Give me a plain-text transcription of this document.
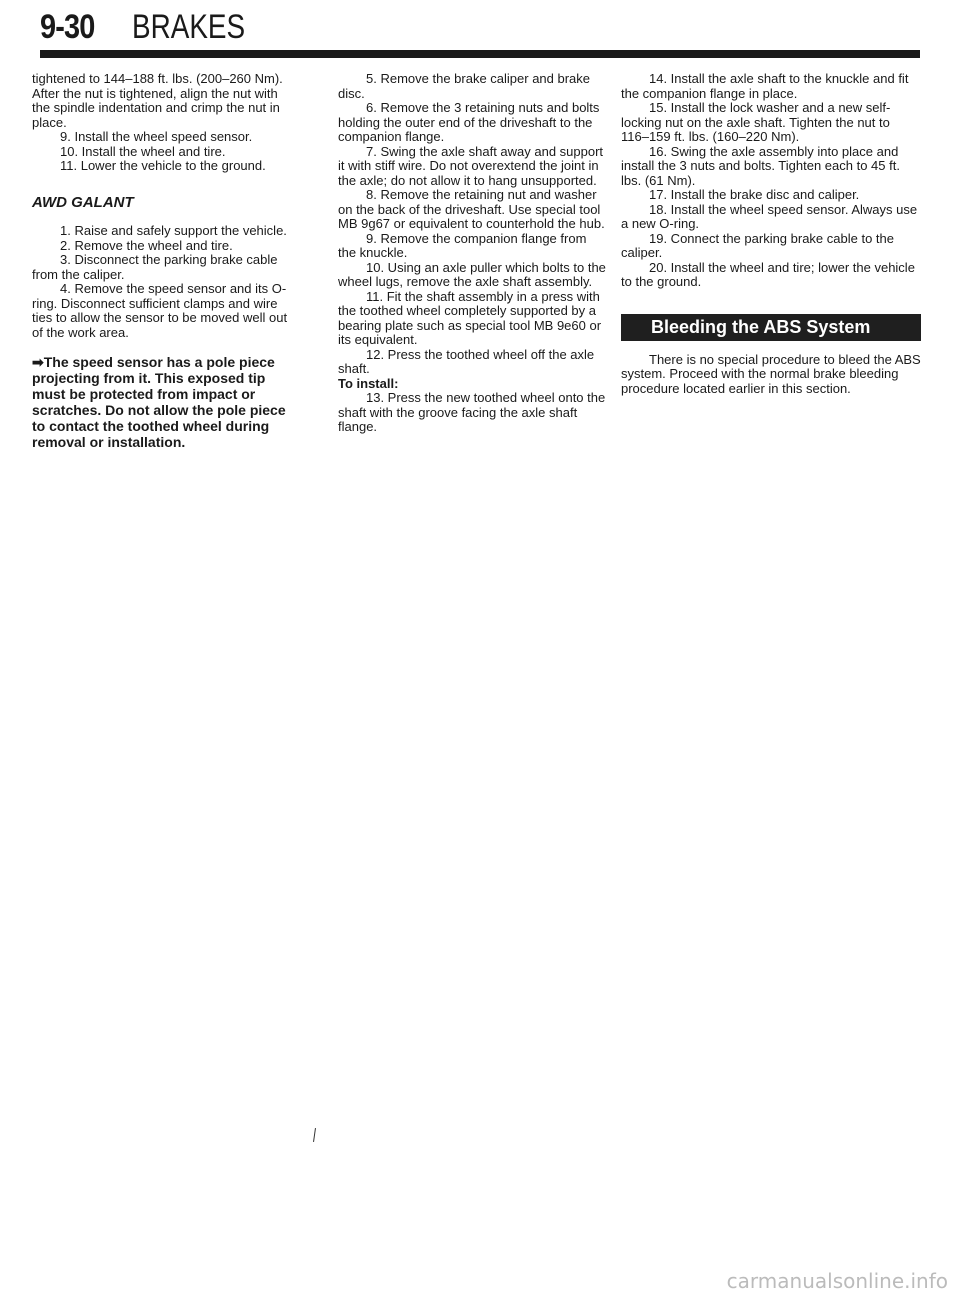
9-30 BRAKES

tightened to 144–188 ft. lbs. (200–260 Nm). After the nut is tightened, align the nut with the spindle indentation and crimp the nut in place.

9. Install the wheel speed sensor.

10. Install the wheel and tire.

11. Lower the vehicle to the ground.

AWD GALANT

1. Raise and safely support the vehicle.

2. Remove the wheel and tire.

3. Disconnect the parking brake cable from the caliper.

4. Remove the speed sensor and its O-ring. Disconnect sufficient clamps and wire ties to allow the sensor to be moved well out of the work area.

➡The speed sensor has a pole piece projecting from it. This exposed tip must be protected from impact or scratches. Do not allow the pole piece to contact the toothed wheel during removal or installation.

5. Remove the brake caliper and brake disc.

6. Remove the 3 retaining nuts and bolts holding the outer end of the driveshaft to the companion flange.

7. Swing the axle shaft away and support it with stiff wire. Do not overextend the joint in the axle; do not allow it to hang unsupported.

8. Remove the retaining nut and washer on the back of the driveshaft. Use special tool MB 9g67 or equivalent to counterhold the hub.

9. Remove the companion flange from the knuckle.

10. Using an axle puller which bolts to the wheel lugs, remove the axle shaft assembly.

11. Fit the shaft assembly in a press with the toothed wheel completely supported by a bearing plate such as special tool MB 9e60 or its equivalent.

12. Press the toothed wheel off the axle shaft.

To install:

13. Press the new toothed wheel onto the shaft with the groove facing the axle shaft flange.

14. Install the axle shaft to the knuckle and fit the companion flange in place.

15. Install the lock washer and a new self-locking nut on the axle shaft. Tighten the nut to 116–159 ft. lbs. (160–220 Nm).

16. Swing the axle assembly into place and install the 3 nuts and bolts. Tighten each to 45 ft. lbs. (61 Nm).

17. Install the brake disc and caliper.

18. Install the wheel speed sensor. Always use a new O-ring.

19. Connect the parking brake cable to the caliper.

20. Install the wheel and tire; lower the vehicle to the ground.

Bleeding the ABS System

There is no special procedure to bleed the ABS system. Proceed with the normal brake bleeding procedure located earlier in this section.

carmanualsonline.info
